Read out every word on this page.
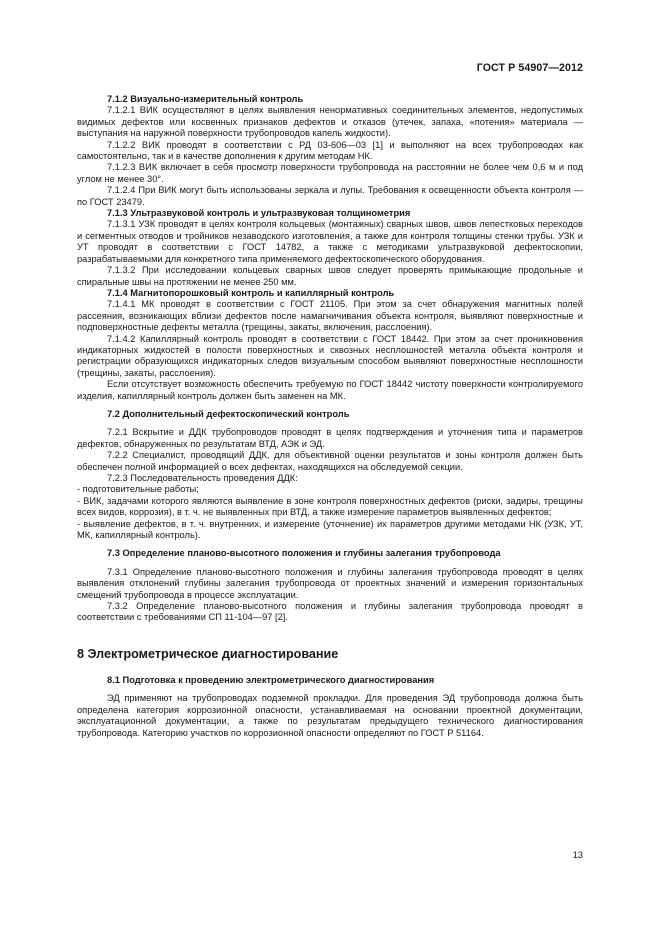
ГОСТ Р 54907—2012

7.1.2 Визуально-измерительный контроль

7.1.2.1 ВИК осуществляют в целях выявления ненормативных соединительных элементов, недопустимых видимых дефектов или косвенных признаков дефектов и отказов (утечек, запаха, «потения» материала — выступания на наружной поверхности трубопроводов капель жидкости).

7.1.2.2 ВИК проводят в соответствии с РД 03-606—03 [1] и выполняют на всех трубопроводах как самостоятельно, так и в качестве дополнения к другим методам НК.

7.1.2.3 ВИК включает в себя просмотр поверхности трубопровода на расстоянии не более чем 0,6 м и под углом не менее 30°.

7.1.2.4 При ВИК могут быть использованы зеркала и лупы. Требования к освещенности объекта контроля — по ГОСТ 23479.

7.1.3 Ультразвуковой контроль и ультразвуковая толщинометрия

7.1.3.1 УЗК проводят в целях контроля кольцевых (монтажных) сварных швов, швов лепестковых переходов и сегментных отводов и тройников незаводского изготовления, а также для контроля толщины стенки трубы. УЗК и УТ проводят в соответствии с ГОСТ 14782, а также с методиками ультразвуковой дефектоскопии, разрабатываемыми для конкретного типа применяемого дефектоскопического оборудования.

7.1.3.2 При исследовании кольцевых сварных швов следует проверять примыкающие продольные и спиральные швы на протяжении не менее 250 мм.

7.1.4 Магнитопорошковый контроль и капиллярный контроль

7.1.4.1 МК проводят в соответствии с ГОСТ 21105. При этом за счет обнаружения магнитных полей рассеяния, возникающих вблизи дефектов после намагничивания объекта контроля, выявляют поверхностные и подповерхностные дефекты металла (трещины, закаты, включения, расслоения).

7.1.4.2 Капиллярный контроль проводят в соответствии с ГОСТ 18442. При этом за счет проникновения индикаторных жидкостей в полости поверхностных и сквозных несплошностей металла объекта контроля и регистрации образующихся индикаторных следов визуальным способом выявляют поверхностные несплошности (трещины, закаты, расслоения).

Если отсутствует возможность обеспечить требуемую по ГОСТ 18442 чистоту поверхности контролируемого изделия, капиллярный контроль должен быть заменен на МК.

7.2 Дополнительный дефектоскопический контроль

7.2.1 Вскрытие и ДДК трубопроводов проводят в целях подтверждения и уточнения типа и параметров дефектов, обнаруженных по результатам ВТД, АЭК и ЭД.

7.2.2 Специалист, проводящий ДДК, для объективной оценки результатов и зоны контроля должен быть обеспечен полной информацией о всех дефектах, находящихся на обследуемой секции.

7.2.3 Последовательность проведения ДДК:

- подготовительные работы;

- ВИК, задачами которого являются выявление в зоне контроля поверхностных дефектов (риски, задиры, трещины всех видов, коррозия), в т. ч. не выявленных при ВТД, а также измерение параметров выявленных дефектов;

- выявление дефектов, в т. ч. внутренних, и измерение (уточнение) их параметров другими методами НК (УЗК, УТ, МК, капиллярный контроль).

7.3 Определение планово-высотного положения и глубины залегания трубопровода

7.3.1 Определение планово-высотного положения и глубины залегания трубопровода проводят в целях выявления отклонений глубины залегания трубопровода от проектных значений и измерения горизонтальных смещений трубопровода в процессе эксплуатации.

7.3.2 Определение планово-высотного положения и глубины залегания трубопровода проводят в соответствии с требованиями СП 11-104—97 [2].

8 Электрометрическое диагностирование

8.1 Подготовка к проведению электрометрического диагностирования

ЭД применяют на трубопроводах подземной прокладки. Для проведения ЭД трубопровода должна быть определена категория коррозионной опасности, устанавливаемая на основании проектной документации, эксплуатационной документации, а также по результатам предыдущего технического диагностирования трубопровода. Категорию участков по коррозионной опасности определяют по ГОСТ Р 51164.

13
